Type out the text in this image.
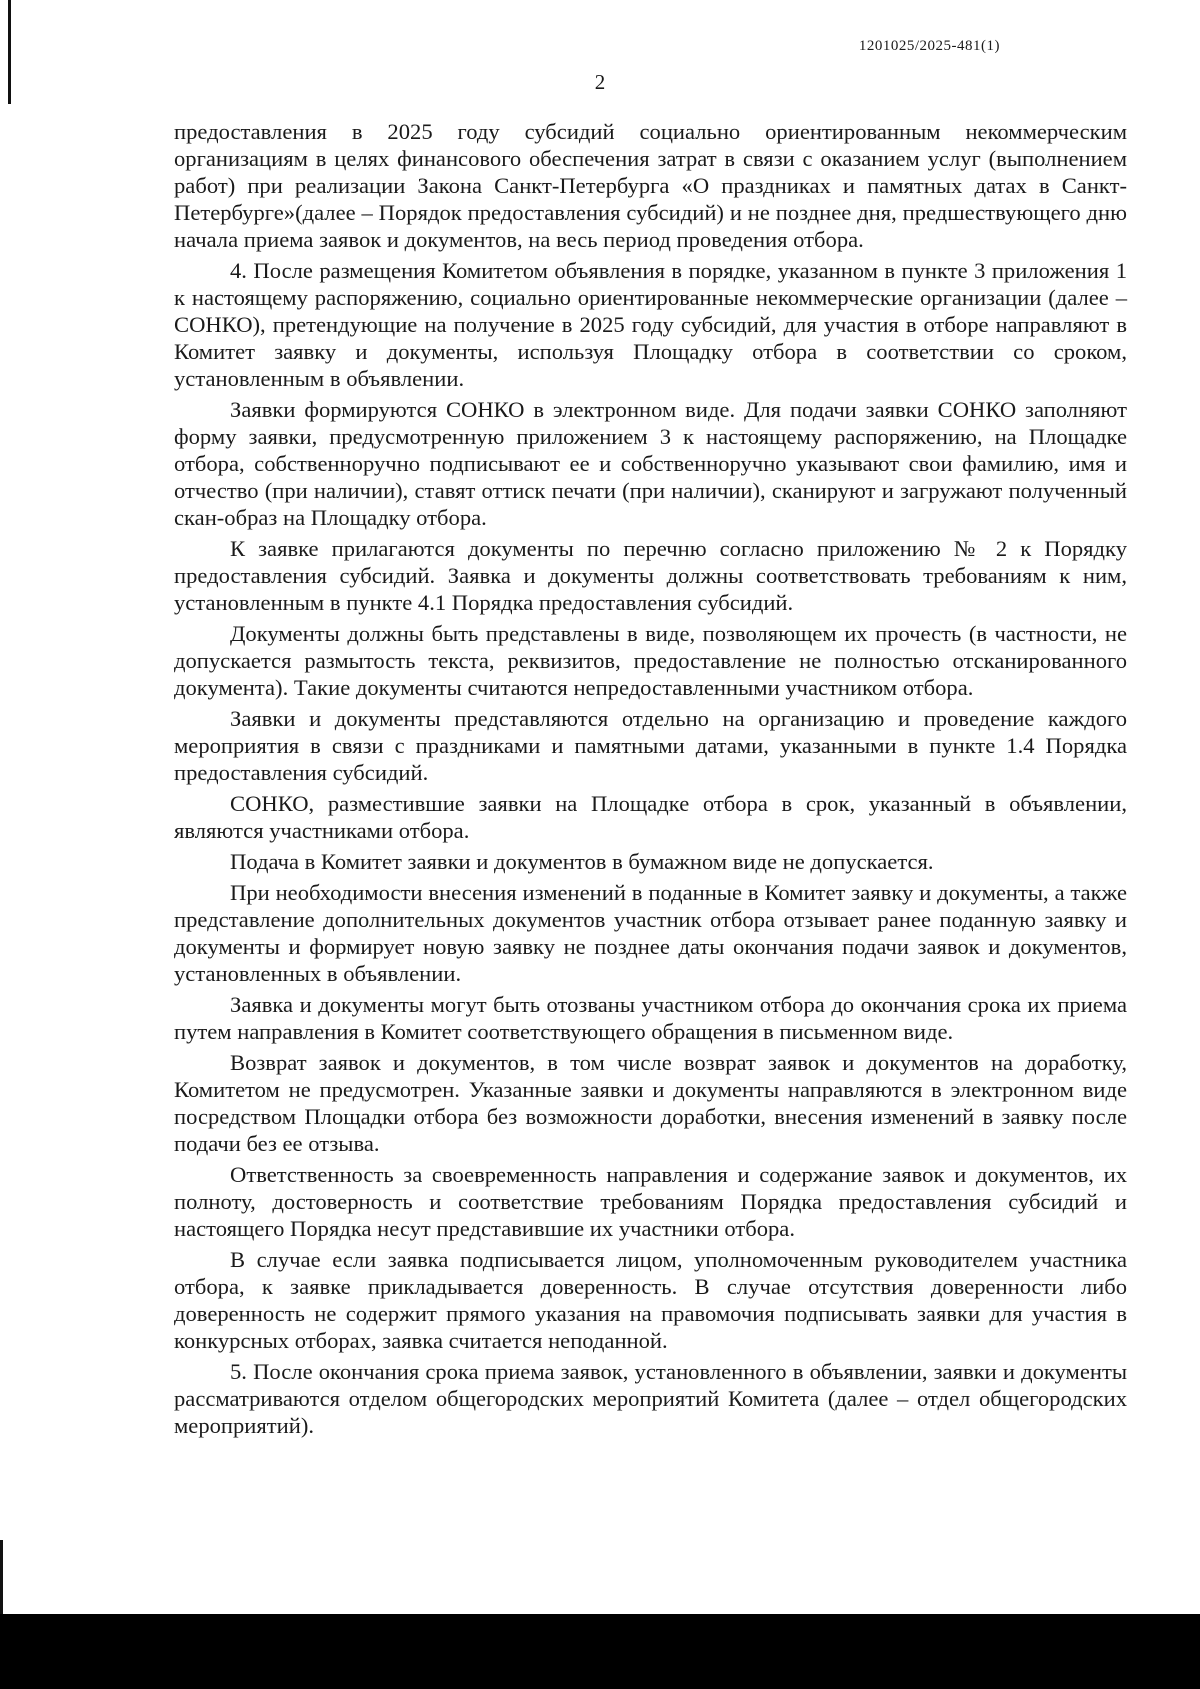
1201025/2025-481(1)
2

предоставления в 2025 году субсидий социально ориентированным некоммерческим организациям в целях финансового обеспечения затрат в связи с оказанием услуг (выполнением работ) при реализации Закона Санкт-Петербурга «О праздниках и памятных датах в Санкт-Петербурге»(далее – Порядок предоставления субсидий) и не позднее дня, предшествующего дню начала приема заявок и документов, на весь период проведения отбора.

4. После размещения Комитетом объявления в порядке, указанном в пункте 3 приложения 1 к настоящему распоряжению, социально ориентированные некоммерческие организации (далее – СОНКО), претендующие на получение в 2025 году субсидий, для участия в отборе направляют в Комитет заявку и документы, используя Площадку отбора в соответствии со сроком, установленным в объявлении.

Заявки формируются СОНКО в электронном виде. Для подачи заявки СОНКО заполняют форму заявки, предусмотренную приложением 3 к настоящему распоряжению, на Площадке отбора, собственноручно подписывают ее и собственноручно указывают свои фамилию, имя и отчество (при наличии), ставят оттиск печати (при наличии), сканируют и загружают полученный скан-образ на Площадку отбора.

К заявке прилагаются документы по перечню согласно приложению № 2 к Порядку предоставления субсидий. Заявка и документы должны соответствовать требованиям к ним, установленным в пункте 4.1 Порядка предоставления субсидий.

Документы должны быть представлены в виде, позволяющем их прочесть (в частности, не допускается размытость текста, реквизитов, предоставление не полностью отсканированного документа). Такие документы считаются непредоставленными участником отбора.

Заявки и документы представляются отдельно на организацию и проведение каждого мероприятия в связи с праздниками и памятными датами, указанными в пункте 1.4 Порядка предоставления субсидий.

СОНКО, разместившие заявки на Площадке отбора в срок, указанный в объявлении, являются участниками отбора.

Подача в Комитет заявки и документов в бумажном виде не допускается.

При необходимости внесения изменений в поданные в Комитет заявку и документы, а также представление дополнительных документов участник отбора отзывает ранее поданную заявку и документы и формирует новую заявку не позднее даты окончания подачи заявок и документов, установленных в объявлении.

Заявка и документы могут быть отозваны участником отбора до окончания срока их приема путем направления в Комитет соответствующего обращения в письменном виде.

Возврат заявок и документов, в том числе возврат заявок и документов на доработку, Комитетом не предусмотрен. Указанные заявки и документы направляются в электронном виде посредством Площадки отбора без возможности доработки, внесения изменений в заявку после подачи без ее отзыва.

Ответственность за своевременность направления и содержание заявок и документов, их полноту, достоверность и соответствие требованиям Порядка предоставления субсидий и настоящего Порядка несут представившие их участники отбора.

В случае если заявка подписывается лицом, уполномоченным руководителем участника отбора, к заявке прикладывается доверенность. В случае отсутствия доверенности либо доверенность не содержит прямого указания на правомочия подписывать заявки для участия в конкурсных отборах, заявка считается неподанной.

5. После окончания срока приема заявок, установленного в объявлении, заявки и документы рассматриваются отделом общегородских мероприятий Комитета (далее – отдел общегородских мероприятий).
